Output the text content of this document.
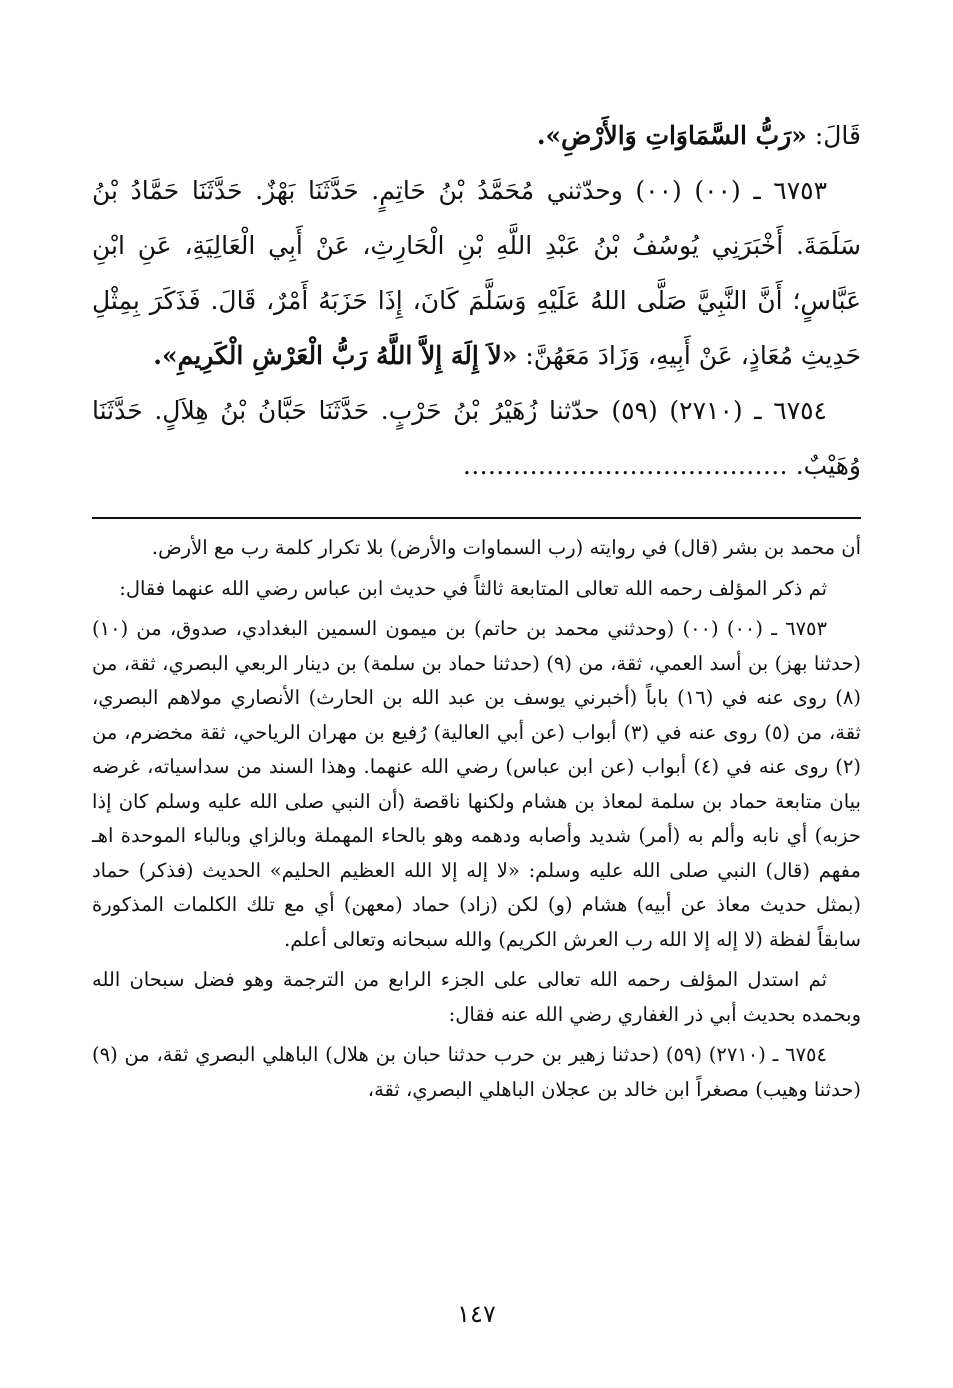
قَالَ: «رَبُّ السَّمَاوَاتِ وَالأَرْضِ».

٦٧٥٣ ـ (٠٠) (٠٠) وحدّثني مُحَمَّدُ بْنُ حَاتِمٍ. حَدَّثَنَا بَهْزٌ. حَدَّثَنَا حَمَّادُ بْنُ سَلَمَةَ. أَخْبَرَنِي يُوسُفُ بْنُ عَبْدِ اللَّهِ بْنِ الْحَارِثِ، عَنْ أَبِي الْعَالِيَةِ، عَنِ ابْنِ عَبَّاسٍ؛ أَنَّ النَّبِيَّ صَلَّى اللهُ عَلَيْهِ وَسَلَّمَ كَانَ، إِذَا حَزَبَهُ أَمْرٌ، قَالَ. فَذَكَرَ بِمِثْلِ حَدِيثِ مُعَاذٍ، عَنْ أَبِيهِ، وَزَادَ مَعَهُنَّ: «لاَ إِلَهَ إِلاَّ اللَّهُ رَبُّ الْعَرْشِ الْكَرِيمِ».

٦٧٥٤ ـ (٢٧١٠) (٥٩) حدّثنا زُهَيْرُ بْنُ حَرْبٍ. حَدَّثَنَا حَبَّانُ بْنُ هِلاَلٍ. حَدَّثَنَا وُهَيْبٌ. …………………………………

أن محمد بن بشر (قال) في روايته (رب السماوات والأرض) بلا تكرار كلمة رب مع الأرض.

ثم ذكر المؤلف رحمه الله تعالى المتابعة ثالثاً في حديث ابن عباس رضي الله عنهما فقال:

٦٧٥٣ ـ (٠٠) (٠٠) (وحدثني محمد بن حاتم) بن ميمون السمين البغدادي، صدوق، من (١٠) (حدثنا بهز) بن أسد العمي، ثقة، من (٩) (حدثنا حماد بن سلمة) بن دينار الربعي البصري، ثقة، من (٨) روى عنه في (١٦) باباً (أخبرني يوسف بن عبد الله بن الحارث) الأنصاري مولاهم البصري، ثقة، من (٥) روى عنه في (٣) أبواب (عن أبي العالية) رُفيع بن مهران الرياحي، ثقة مخضرم، من (٢) روى عنه في (٤) أبواب (عن ابن عباس) رضي الله عنهما. وهذا السند من سداسياته، غرضه بيان متابعة حماد بن سلمة لمعاذ بن هشام ولكنها ناقصة (أن النبي صلى الله عليه وسلم كان إذا حزبه) أي نابه وألم به (أمر) شديد وأصابه ودهمه وهو بالحاء المهملة وبالزاي وبالباء الموحدة اهـ مفهم (قال) النبي صلى الله عليه وسلم: «لا إله إلا الله العظيم الحليم» الحديث (فذكر) حماد (بمثل حديث معاذ عن أبيه) هشام (و) لكن (زاد) حماد (معهن) أي مع تلك الكلمات المذكورة سابقاً لفظة (لا إله إلا الله رب العرش الكريم) والله سبحانه وتعالى أعلم.

ثم استدل المؤلف رحمه الله تعالى على الجزء الرابع من الترجمة وهو فضل سبحان الله وبحمده بحديث أبي ذر الغفاري رضي الله عنه فقال:

٦٧٥٤ ـ (٢٧١٠) (٥٩) (حدثنا زهير بن حرب حدثنا حبان بن هلال) الباهلي البصري ثقة، من (٩) (حدثنا وهيب) مصغراً ابن خالد بن عجلان الباهلي البصري، ثقة،

١٤٧
